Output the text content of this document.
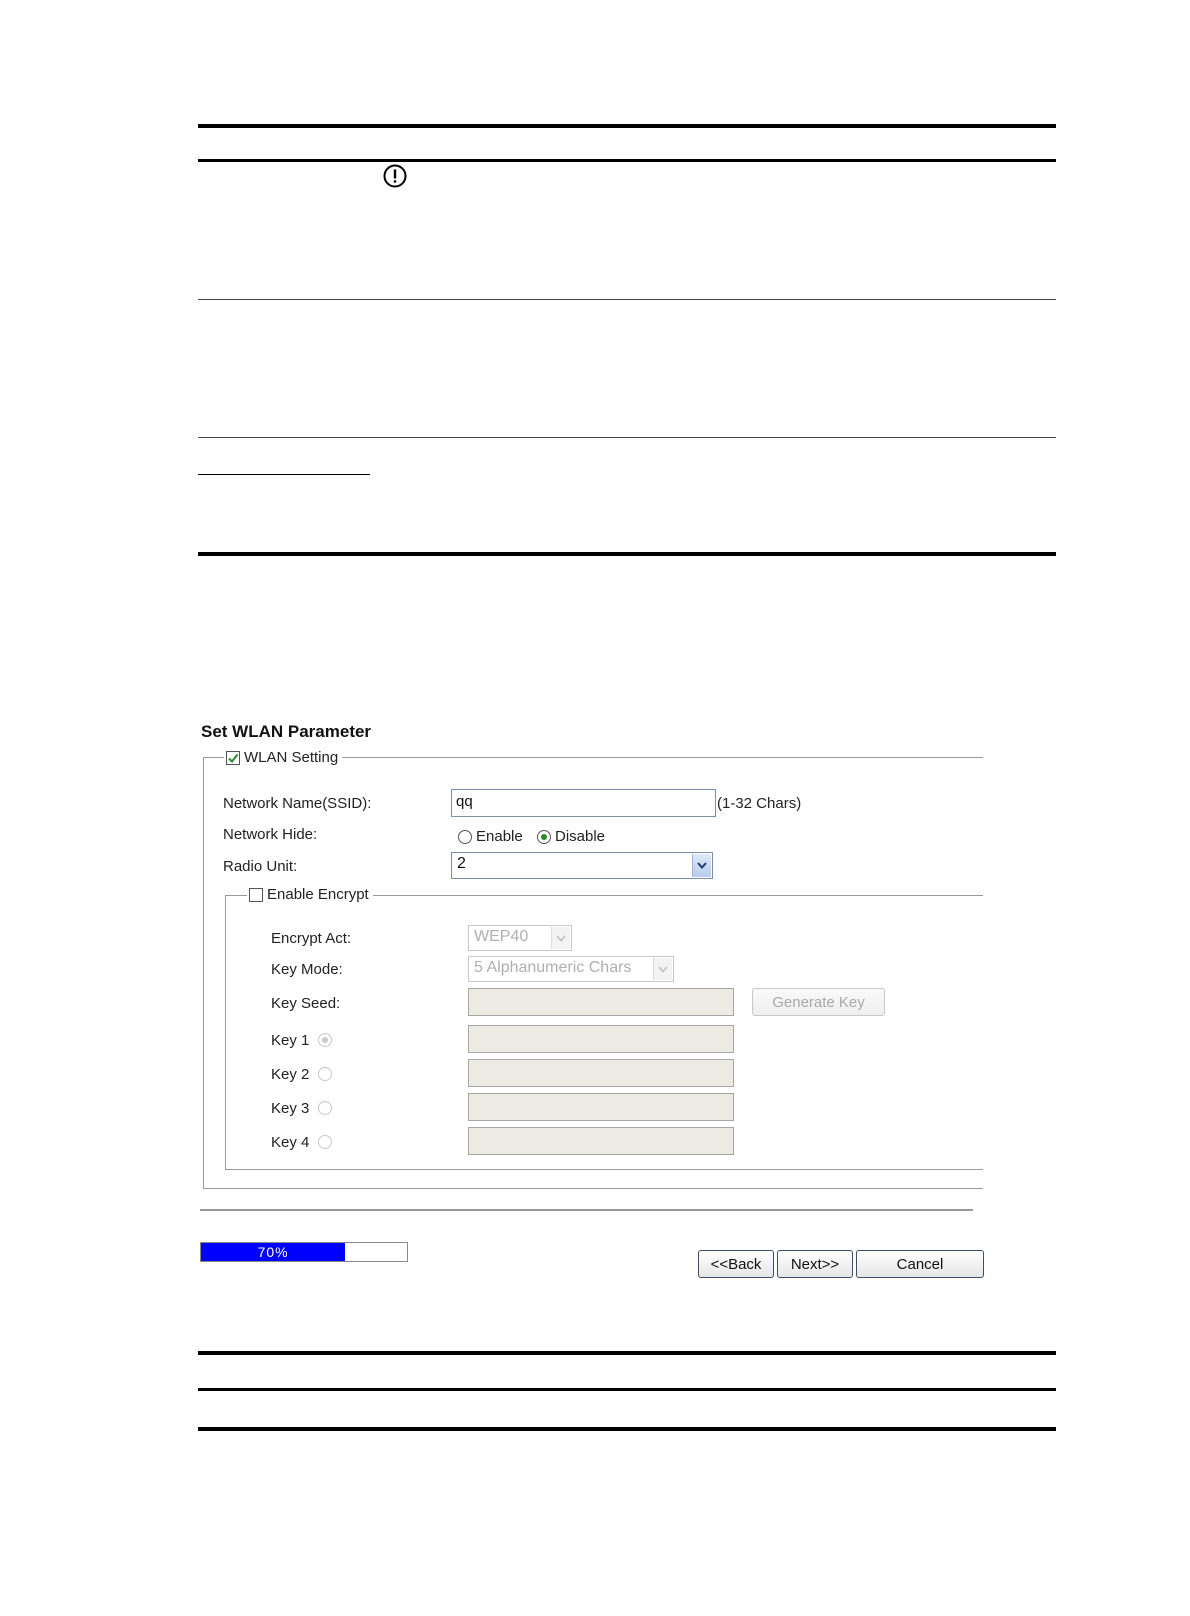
Set WLAN Parameter
WLAN Setting
Network Name(SSID):	qq	(1-32 Chars)
Network Hide:	Enable Disable
Radio Unit:	2
Enable Encrypt
Encrypt Act:	WEP40
Key Mode:	5 Alphanumeric Chars
Key Seed:	Generate Key
Key 1
Key 2
Key 3
Key 4
70%
<<Back	Next>>	Cancel
